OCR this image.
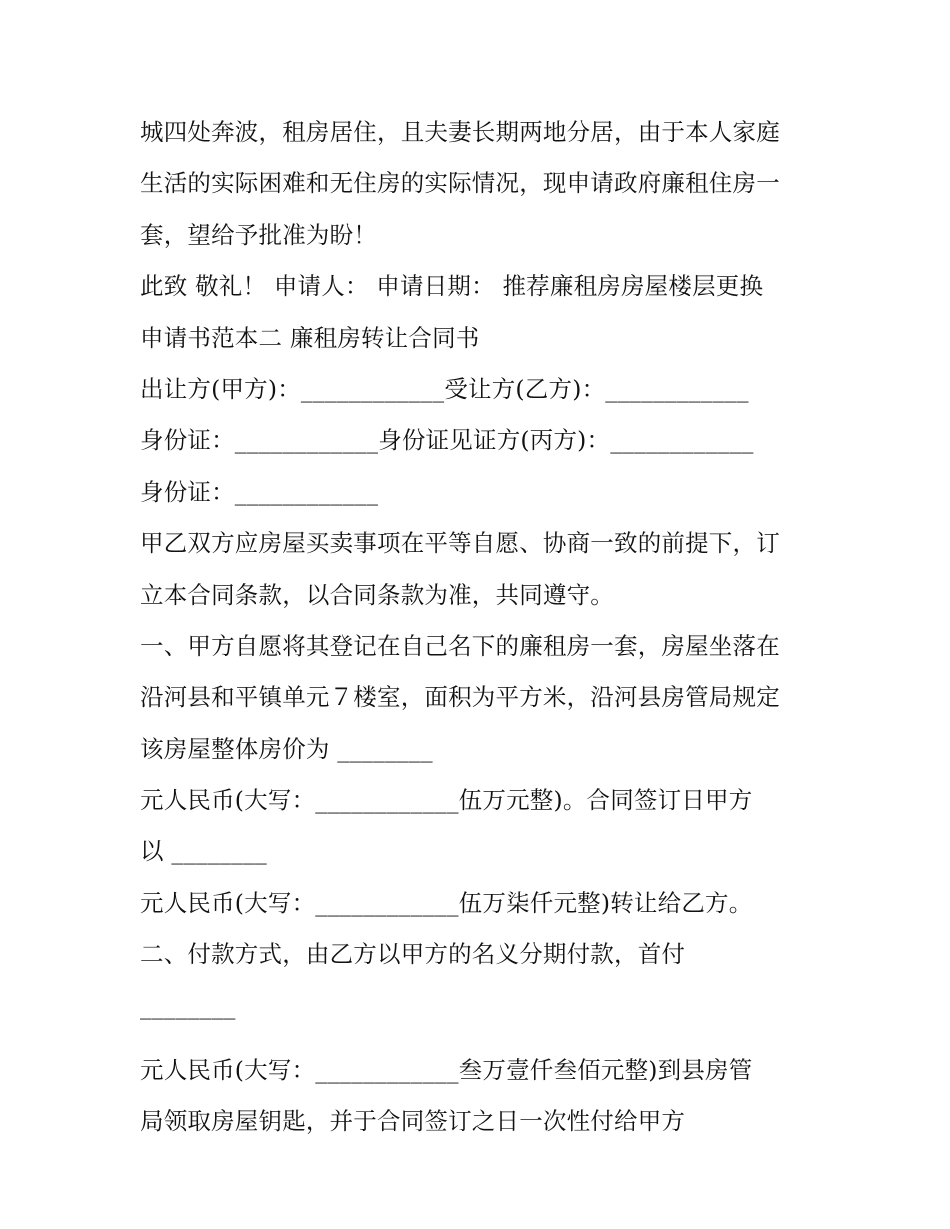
城四处奔波，租房居住，且夫妻长期两地分居，由于本人家庭
生活的实际困难和无住房的实际情况，现申请政府廉租住房一
套，望给予批准为盼！
此致 敬礼！ 申请人： 申请日期： 推荐廉租房房屋楼层更换
申请书范本二 廉租房转让合同书
出让方(甲方)：____________受让方(乙方)：____________
身份证：____________身份证见证方(丙方)：____________
身份证：____________
甲乙双方应房屋买卖事项在平等自愿、协商一致的前提下，订
立本合同条款，以合同条款为准，共同遵守。
一、甲方自愿将其登记在自己名下的廉租房一套，房屋坐落在
沿河县和平镇单元７楼室，面积为平方米，沿河县房管局规定
该房屋整体房价为 ________
元人民币(大写：____________伍万元整)。合同签订日甲方
以 ________
元人民币(大写：____________伍万柒仟元整)转让给乙方。
二、付款方式，由乙方以甲方的名义分期付款，首付
________
元人民币(大写：____________叁万壹仟叁佰元整)到县房管
局领取房屋钥匙，并于合同签订之日一次性付给甲方
